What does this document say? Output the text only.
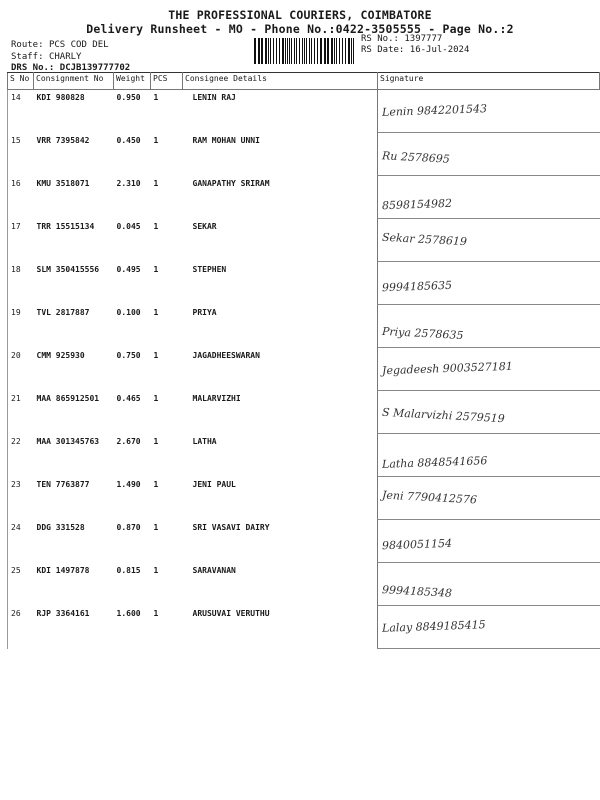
THE PROFESSIONAL COURIERS, COIMBATORE
Delivery Runsheet - MO - Phone No.:0422-3505555 - Page No.:2
Route: PCS COD DEL
Staff: CHARLY
DRS No.: DCJB139777702
RS No.: 1397777
RS Date: 16-Jul-2024
S No	Consignment No	Weight	PCS	Consignee Details	Signature
14	KDI 980828	0.950	1	LENIN RAJ	Lenin 9842201543

15	VRR 7395842	0.450	1	RAM MOHAN UNNI	Ru 2578695

16	KMU 3518071	2.310	1	GANAPATHY SRIRAM	8598154982

17	TRR 15515134	0.045	1	SEKAR	Sekar 2578619

18	SLM 350415556	0.495	1	STEPHEN	9994185635

19	TVL 2817887	0.100	1	PRIYA	Priya 2578635

20	CMM 925930	0.750	1	JAGADHEESWARAN	Jegadeesh 9003527181

21	MAA 865912501	0.465	1	MALARVIZHI	S Malarvizhi 2579519

22	MAA 301345763	2.670	1	LATHA	Latha 8848541656

23	TEN 7763877	1.490	1	JENI PAUL	Jeni 7790412576

24	DDG 331528	0.870	1	SRI VASAVI DAIRY	9840051154

25	KDI 1497878	0.815	1	SARAVANAN	9994185348

26	RJP 3364161	1.600	1	ARUSUVAI VERUTHU	Lalay 8849185415
